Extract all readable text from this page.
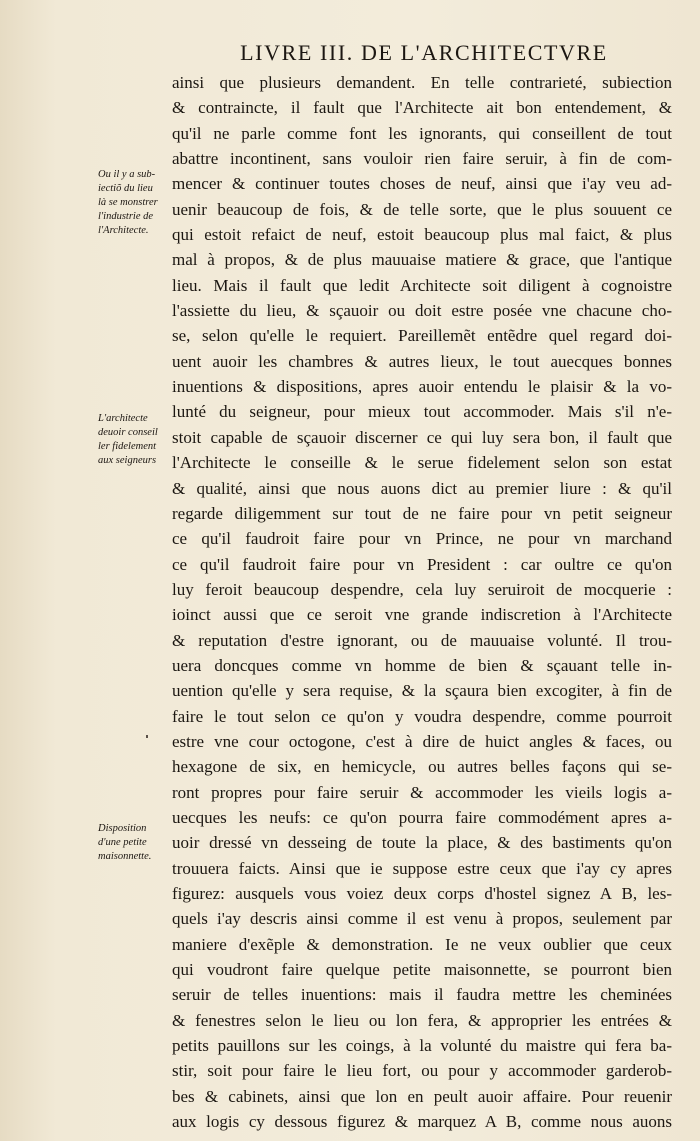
LIVRE III. DE L'ARCHITECTVRE
Ou il y a sub-
iectiõ du lieu
là se monstrer
l'industrie de
l'Architecte.
L'architecte
deuoir conseil
ler fidelement
aux seigneurs
Disposition
d'une petite
maisonnette.
ainsi que plusieurs demandent. En telle contrarieté, subiection
& contraincte, il fault que l'Architecte ait bon entendement, &
qu'il ne parle comme font les ignorants, qui conseillent de tout
abattre incontinent, sans vouloir rien faire seruir, à fin de com-
mencer & continuer toutes choses de neuf, ainsi que i'ay veu ad-
uenir beaucoup de fois, & de telle sorte, que le plus souuent ce
qui estoit refaict de neuf, estoit beaucoup plus mal faict, & plus
mal à propos, & de plus mauuaise matiere & grace, que l'antique
lieu. Mais il fault que ledit Architecte soit diligent à cognoistre
l'assiette du lieu, & sçauoir ou doit estre posée vne chacune cho-
se, selon qu'elle le requiert. Pareillemẽt entẽdre quel regard doi-
uent auoir les chambres & autres lieux, le tout auecques bonnes
inuentions & dispositions, apres auoir entendu le plaisir & la vo-
lunté du seigneur, pour mieux tout accommoder. Mais s'il n'e-
stoit capable de sçauoir discerner ce qui luy sera bon, il fault que
l'Architecte le conseille & le serue fidelement selon son estat
& qualité, ainsi que nous auons dict au premier liure : & qu'il
regarde diligemment sur tout de ne faire pour vn petit seigneur
ce qu'il faudroit faire pour vn Prince, ne pour vn marchand
ce qu'il faudroit faire pour vn President : car oultre ce qu'on
luy feroit beaucoup despendre, cela luy seruiroit de mocquerie :
ioinct aussi que ce seroit vne grande indiscretion à l'Architecte
& reputation d'estre ignorant, ou de mauuaise volunté. Il trou-
uera doncques comme vn homme de bien & sçauant telle in-
uention qu'elle y sera requise, & la sçaura bien excogiter, à fin de
faire le tout selon ce qu'on y voudra despendre, comme pourroit
estre vne cour octogone, c'est à dire de huict angles & faces, ou
hexagone de six, en hemicycle, ou autres belles façons qui se-
ront propres pour faire seruir & accommoder les vieils logis a-
uecques les neufs: ce qu'on pourra faire commodément apres a-
uoir dressé vn desseing de toute la place, & des bastiments qu'on
trouuera faicts. Ainsi que ie suppose estre ceux que i'ay cy apres
figurez: ausquels vous voiez deux corps d'hostel signez A B, les-
quels i'ay descris ainsi comme il est venu à propos, seulement par
maniere d'exẽple & demonstration. Ie ne veux oublier que ceux
qui voudront faire quelque petite maisonnette, se pourront bien
seruir de telles inuentions: mais il faudra mettre les cheminées
& fenestres selon le lieu ou lon fera, & approprier les entrées &
petits pauillons sur les coings, à la volunté du maistre qui fera ba-
stir, soit pour faire le lieu fort, ou pour y accommoder garderob-
bes & cabinets, ainsi que lon en peult auoir affaire. Pour reuenir
aux logis cy dessous figurez & marquez A B, comme nous auons
